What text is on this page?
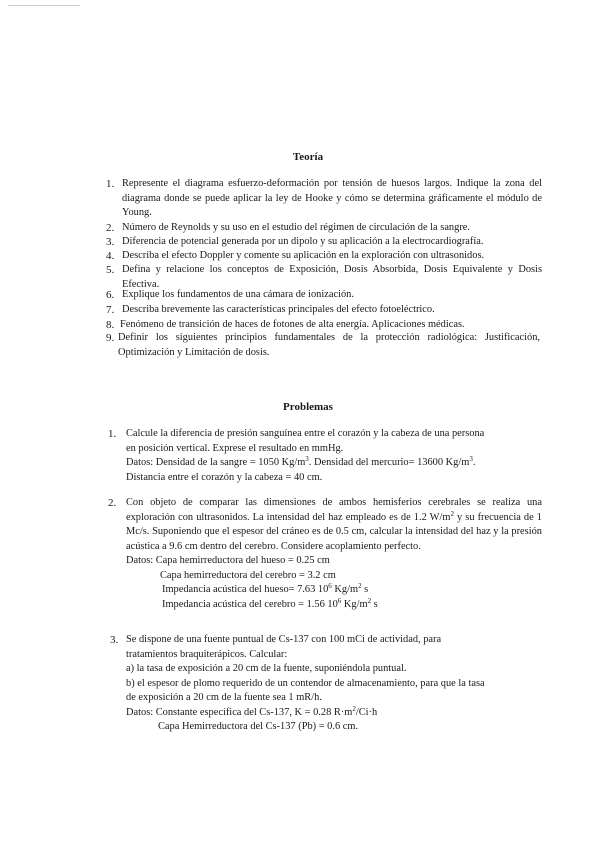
Teoría
1. Represente el diagrama esfuerzo-deformación por tensión de huesos largos. Indique la zona del diagrama donde se puede aplicar la ley de Hooke y cómo se determina gráficamente el módulo de Young.
2. Número de Reynolds y su uso en el estudio del régimen de circulación de la sangre.
3. Diferencia de potencial generada por un dipolo y su aplicación a la electrocardiografía.
4. Describa el efecto Doppler y comente su aplicación en la exploración con ultrasonidos.
5. Defina y relacione los conceptos de Exposición, Dosis Absorbida, Dosis Equivalente y Dosis Efectiva.
6. Explique los fundamentos de una cámara de ionización.
7. Describa brevemente las características principales del efecto fotoeléctrico.
8. Fenómeno de transición de haces de fotones de alta energía. Aplicaciones médicas.
9. Definir los siguientes principios fundamentales de la protección radiológica: Justificación, Optimización y Limitación de dosis.
Problemas
1. Calcule la diferencia de presión sanguínea entre el corazón y la cabeza de una persona
en posición vertical. Exprese el resultado en mmHg.
Datos: Densidad de la sangre = 1050 $Kg/m^3$. Densidad del mercurio= 13600 $Kg/m^3$.
Distancia entre el corazón y la cabeza = 40 cm.
2. Con objeto de comparar las dimensiones de ambos hemisferios cerebrales se realiza una exploración con ultrasonidos. La intensidad del haz empleado es de 1.2 $W/m^2$ y su frecuencia de 1 Mc/s. Suponiendo que el espesor del cráneo es de 0.5 cm, calcular la intensidad del haz y la presión acústica a 9.6 cm dentro del cerebro. Considere acoplamiento perfecto.
Datos: Capa hemirreductora del hueso = 0.25 cm
Capa hemirreductora del cerebro = 3.2 cm
Impedancia acústica del hueso= 7.63 $10^6$ $Kg/m^2$ s
Impedancia acústica del cerebro = 1.56 $10^6$ $Kg/m^2$ s
3. Se dispone de una fuente puntual de Cs-137 con 100 mCi de actividad, para
tratamientos braquiterápicos. Calcular:
a) la tasa de exposición a 20 cm de la fuente, suponiéndola puntual.
b) el espesor de plomo requerido de un contendor de almacenamiento, para que la tasa
de exposición a 20 cm de la fuente sea 1 mR/h.
Datos: Constante específica del Cs-137, K = 0.28 $R\cdot m^2/Ci\cdot h$
Capa Hemirreductora del Cs-137 (Pb) = 0.6 cm.
